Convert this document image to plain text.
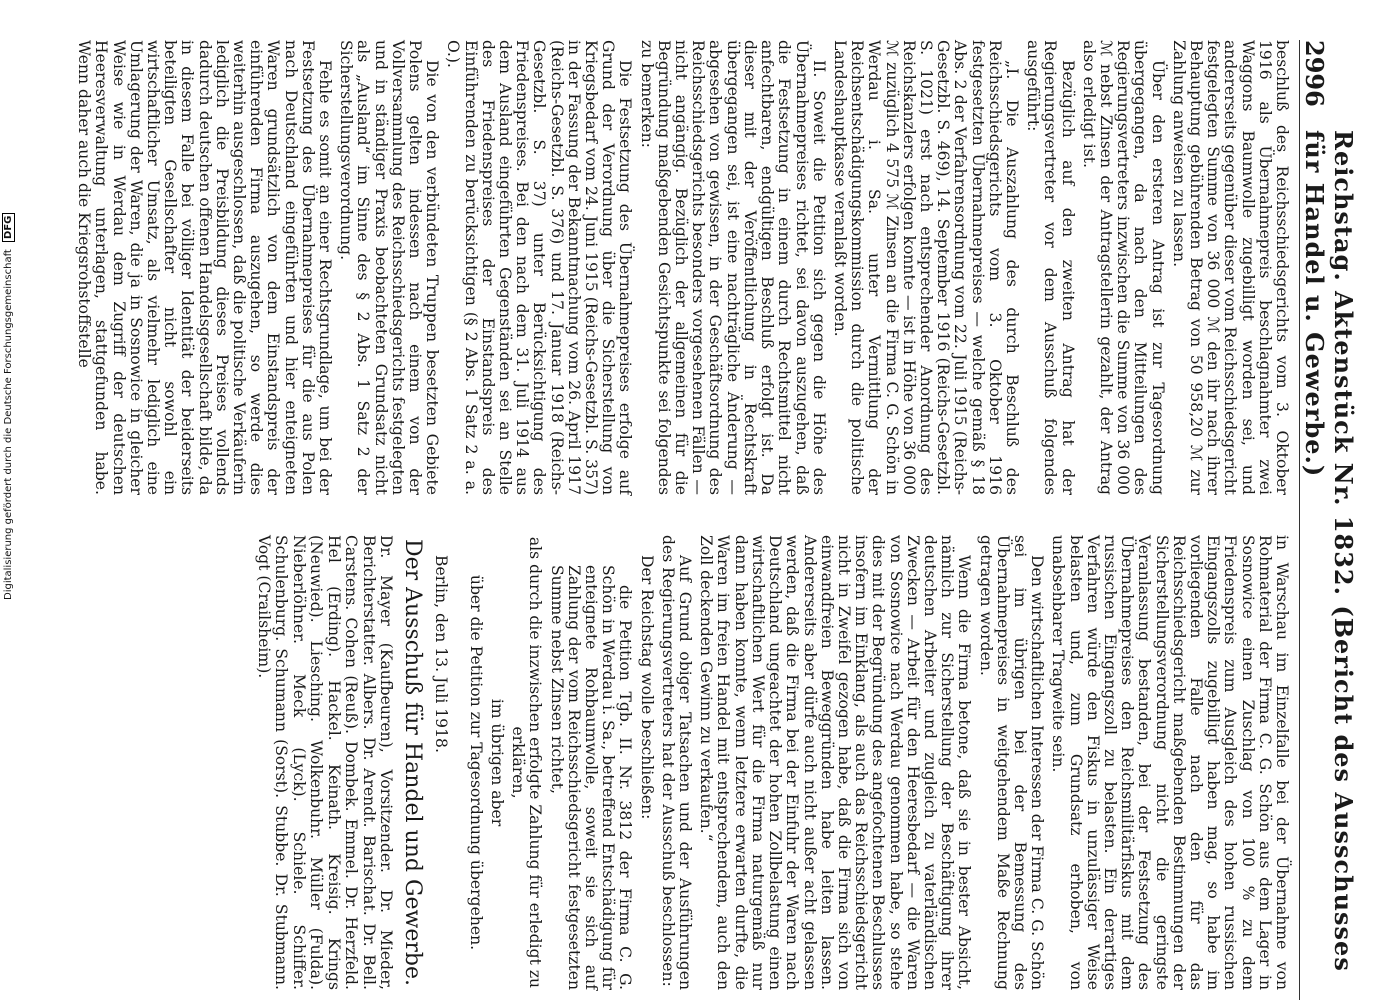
2996
Reichstag. Aktenstück Nr. 1832. (Bericht des Ausschusses für Handel u. Gewerbe.)

beschluß des Reichsschiedsgerichts vom 3. Oktober 1916 als Übernahmepreis beschlagnahmter zwei Waggons Baumwolle zugebilligt worden sei, und andererseits gegenüber dieser vom Reichsschiedsgericht festgelegten Summe von 36 000 ℳ den ihr nach ihrer Behauptung gebührenden Betrag von 50 958,20 ℳ zur Zahlung anweisen zu lassen.

Über den ersteren Antrag ist zur Tagesordnung übergegangen, da nach den Mitteilungen des Regierungsvertreters inzwischen die Summe von 36 000 ℳ nebst Zinsen der Antragstellerin gezahlt, der Antrag also erledigt ist.

Bezüglich auf den zweiten Antrag hat der Regierungsvertreter vor dem Ausschuß folgendes ausgeführt:

„I. Die Auszahlung des durch Beschluß des Reichsschiedsgerichts vom 3. Oktober 1916 festgesetzten Übernahmepreises — welche gemäß § 18 Abs. 2 der Verfahrensordnung vom 22. Juli 1915 (Reichs-Gesetzbl. S. 469), 14. September 1916 (Reichs-Gesetzbl. S. 1021) erst nach entsprechender Anordnung des Reichskanzlers erfolgen konnte — ist in Höhe von 36 000 ℳ zuzüglich 4 575 ℳ Zinsen an die Firma C. G. Schön in Werdau i. Sa. unter Vermittlung der Reichsentschädigungskommission durch die politische Landeshauptkasse veranlaßt worden.

II. Soweit die Petition sich gegen die Höhe des Übernahmepreises richtet, sei davon auszugehen, daß die Festsetzung in einem durch Rechtsmittel nicht anfechtbaren, endgültigen Beschluß erfolgt ist. Da dieser mit der Veröffentlichung in Rechtskraft übergegangen sei, ist eine nachträgliche Änderung — abgesehen von gewissen, in der Geschäftsordnung des Reichsschiedsgerichts besonders vorgesehenen Fällen — nicht angängig. Bezüglich der allgemeinen für die Begründung maßgebenden Gesichtspunkte sei folgendes zu bemerken:

Die Festsetzung des Übernahmepreises erfolge auf Grund der Verordnung über die Sicherstellung von Kriegsbedarf vom 24. Juni 1915 (Reichs-Gesetzbl. S. 357) in der Fassung der Bekanntmachung vom 26. April 1917 (Reichs-Gesetzbl. S. 376) und 17. Januar 1918 (Reichs-Gesetzbl. S. 37) unter Berücksichtigung des Friedenspreises. Bei den nach dem 31. Juli 1914 aus dem Ausland eingeführten Gegenständen sei an Stelle des Friedenspreises der Einstandspreis des Einführenden zu berücksichtigen (§ 2 Abs. 1 Satz 2 a. a. O.).

Die von den verbündeten Truppen besetzten Gebiete Polens gelten indessen nach einem von der Vollversammlung des Reichsschiedsgerichts festgelegten und in ständiger Praxis beobachteten Grundsatz nicht als „Ausland“ im Sinne des § 2 Abs. 1 Satz 2 der Sicherstellungsverordnung.

Fehle es somit an einer Rechtsgrundlage, um bei der Festsetzung des Übernahmepreises für die aus Polen nach Deutschland eingeführten und hier enteigneten Waren grundsätzlich von dem Einstandspreis der einführenden Firma auszugehen, so werde dies weiterhin ausgeschlossen, daß die politische Verkäuferin lediglich die Preisbildung dieses Preises vollends dadurch deutschen offenen Handelsgesellschaft bilde, da in diesem Falle bei völliger Identität der beiderseits beteiligten Gesellschafter nicht sowohl ein wirtschaftlicher Umsatz, als vielmehr lediglich eine Umlagerung der Waren, die ja in Sosnowice in gleicher Weise wie in Werdau dem Zugriff der deutschen Heeresverwaltung unterlagen, stattgefunden habe. Wenn daher auch die Kriegsrohstoffstelle

in Warschau im Einzelfalle bei der Übernahme von Rohmaterial der Firma C. G. Schön aus dem Lager in Sosnowice einen Zuschlag von 100 % zu dem Friedenspreis zum Ausgleich des hohen russischen Eingangszolls zugebilligt haben mag, so habe im vorliegenden Falle nach den für das Reichsschiedsgericht maßgebenden Bestimmungen der Sicherstellungsverordnung nicht die geringste Veranlassung bestanden, bei der Festsetzung des Übernahmepreises den Reichsmilitärfiskus mit dem russischen Eingangszoll zu belasten. Ein derartiges Verfahren würde den Fiskus in unzulässiger Weise belasten und, zum Grundsatz erhoben, von unabsehbarer Tragweite sein.

Den wirtschaftlichen Interessen der Firma C. G. Schön sei im übrigen bei der Bemessung des Übernahmepreises in weitgehendem Maße Rechnung getragen worden.

Wenn die Firma betone, daß sie in bester Absicht, nämlich zur Sicherstellung der Beschäftigung ihrer deutschen Arbeiter und zugleich zu vaterländischen Zwecken — Arbeit für den Heeresbedarf — die Waren von Sosnowice nach Werdau genommen habe, so stehe dies mit der Begründung des angefochtenen Beschlusses insofern im Einklang, als auch das Reichsschiedsgericht nicht in Zweifel gezogen habe, daß die Firma sich von einwandfreien Beweggründen habe leiten lassen. Andererseits aber dürfe auch nicht außer acht gelassen werden, daß die Firma bei der Einfuhr der Waren nach Deutschland ungeachtet der hohen Zollbelastung einen wirtschaftlichen Wert für die Firma naturgemäß nur dann haben konnte, wenn letztere erwarten durfte, die Waren im freien Handel mit entsprechendem, auch den Zoll deckenden Gewinn zu verkaufen.“

Auf Grund obiger Tatsachen und der Ausführungen des Regierungsvertreters hat der Ausschuß beschlossen:

Der Reichstag wolle beschließen:

die Petition Tgb. II. Nr. 3812 der Firma C. G. Schön in Werdau i. Sa., betreffend Entschädigung für enteignete Rohbaumwolle, soweit sie sich auf Zahlung der vom Reichsschiedsgericht festgesetzten Summe nebst Zinsen richtet,

als durch die inzwischen erfolgte Zahlung für erledigt zu erklären,

im übrigen aber

über die Petition zur Tagesordnung übergehen.

Berlin, den 13. Juli 1918.
Der Ausschuß für Handel und Gewerbe.
Dr. Mayer (Kaufbeuren), Vorsitzender. Dr. Mieder, Berichterstatter. Albers. Dr. Arendt. Barischat. Dr. Bell. Carstens. Cohen (Reuß). Dombek. Emmel. Dr. Herzfeld. Hel (Erding). Hackel. Keinath. Kreisig. Krings (Neuwied). Liesching. Wolkenbuhr. Müller (Fulda). Nieberlöhner. Meck (Lyck). Schiele. Schiffer. Schulenburg. Schumann (Sorst). Stubbe. Dr. Stubmann. Vogt (Crailsheim).
Digitalisierung gefördert durch die Deutsche Forschungsgemeinschaft DFG
